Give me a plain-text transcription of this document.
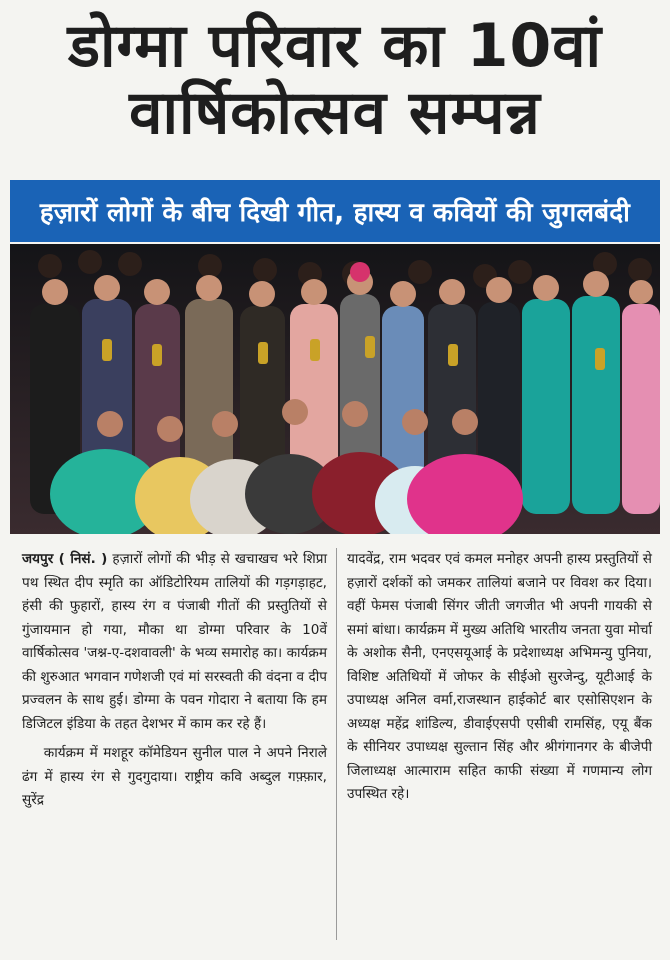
डोग्मा परिवार का 10वां
वार्षिकोत्सव सम्पन्न
हज़ारों लोगों के बीच दिखी गीत, हास्य व कवियों की जुगलबंदी

जयपुर ( निसं. ) हज़ारों लोगों की भीड़ से खचाखच भरे शिप्रा पथ स्थित दीप स्मृति का ऑडिटोरियम तालियों की गड़गड़ाहट, हंसी की फुहारों, हास्य रंग व पंजाबी गीतों की प्रस्तुतियों से गुंजायमान हो गया, मौका था डोग्मा परिवार के 10वें वार्षिकोत्सव 'जश्न-ए-दशवावली' के भव्य समारोह का। कार्यक्रम की शुरुआत भगवान गणेशजी एवं मां सरस्वती की वंदना व दीप प्रज्वलन के साथ हुई। डोग्मा के पवन गोदारा ने बताया कि हम डिजिटल इंडिया के तहत देशभर में काम कर रहे हैं।

कार्यक्रम में मशहूर कॉमेडियन सुनील पाल ने अपने निराले ढंग में हास्य रंग से गुदगुदाया। राष्ट्रीय कवि अब्दुल गफ़्फ़ार, सुरेंद्र

यादवेंद्र, राम भदवर एवं कमल मनोहर अपनी हास्य प्रस्तुतियों से हज़ारों दर्शकों को जमकर तालियां बजाने पर विवश कर दिया। वहीं फेमस पंजाबी सिंगर जीती जगजीत भी अपनी गायकी से समां बांधा। कार्यक्रम में मुख्य अतिथि भारतीय जनता युवा मोर्चा के अशोक सैनी, एनएसयूआई के प्रदेशाध्यक्ष अभिमन्यु पुनिया, विशिष्ट अतिथियों में जोफर के सीईओ सुरजेन्दु, यूटीआई के उपाध्यक्ष अनिल वर्मा,राजस्थान हाईकोर्ट बार एसोसिएशन के अध्यक्ष महेंद्र शांडिल्य, डीवाईएसपी एसीबी रामसिंह, एयू बैंक के सीनियर उपाध्यक्ष सुल्तान सिंह और श्रीगंगानगर के बीजेपी जिलाध्यक्ष आत्माराम सहित काफी संख्या में गणमान्य लोग उपस्थित रहे।
